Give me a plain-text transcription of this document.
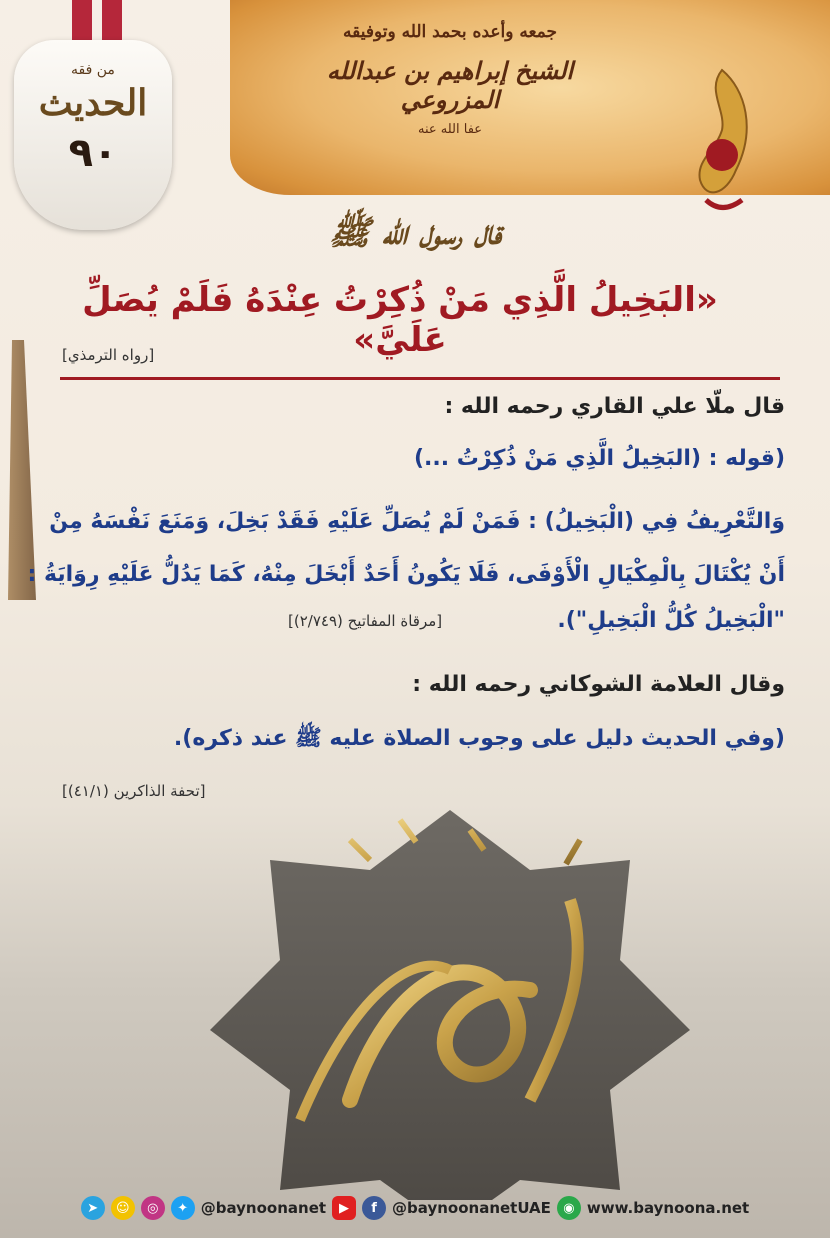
جمعه وأعده بحمد الله وتوفيقه
الشيخ إبراهيم بن عبدالله المزروعي
عفا الله عنه
من فقه
الحديث
٩٠
قال رسول الله ﷺ
«البَخِيلُ الَّذِي مَنْ ذُكِرْتُ عِنْدَهُ فَلَمْ يُصَلِّ عَلَيَّ»
[رواه الترمذي]
قال ملّا علي القاري رحمه الله :
(قوله : (البَخِيلُ الَّذِي مَنْ ذُكِرْتُ ...)
وَالتَّعْرِيفُ فِي (الْبَخِيلُ) : فَمَنْ لَمْ يُصَلِّ عَلَيْهِ فَقَدْ بَخِلَ، وَمَنَعَ نَفْسَهُ مِنْ أَنْ يُكْتَالَ بِالْمِكْيَالِ الْأَوْفَى، فَلَا يَكُونُ أَحَدٌ أَبْخَلَ مِنْهُ، كَمَا يَدُلُّ عَلَيْهِ رِوَايَةُ :
"الْبَخِيلُ كُلُّ الْبَخِيلِ").
[مرقاة المفاتيح (٢/٧٤٩)]
وقال العلامة الشوكاني رحمه الله :
(وفي الحديث دليل على وجوب الصلاة عليه ﷺ عند ذكره).
[تحفة الذاكرين (٤١/١)]
➤	☺	◎	✦ @baynoonanet	▶	f	@baynoonanetUAE ◉ www.baynoona.net
